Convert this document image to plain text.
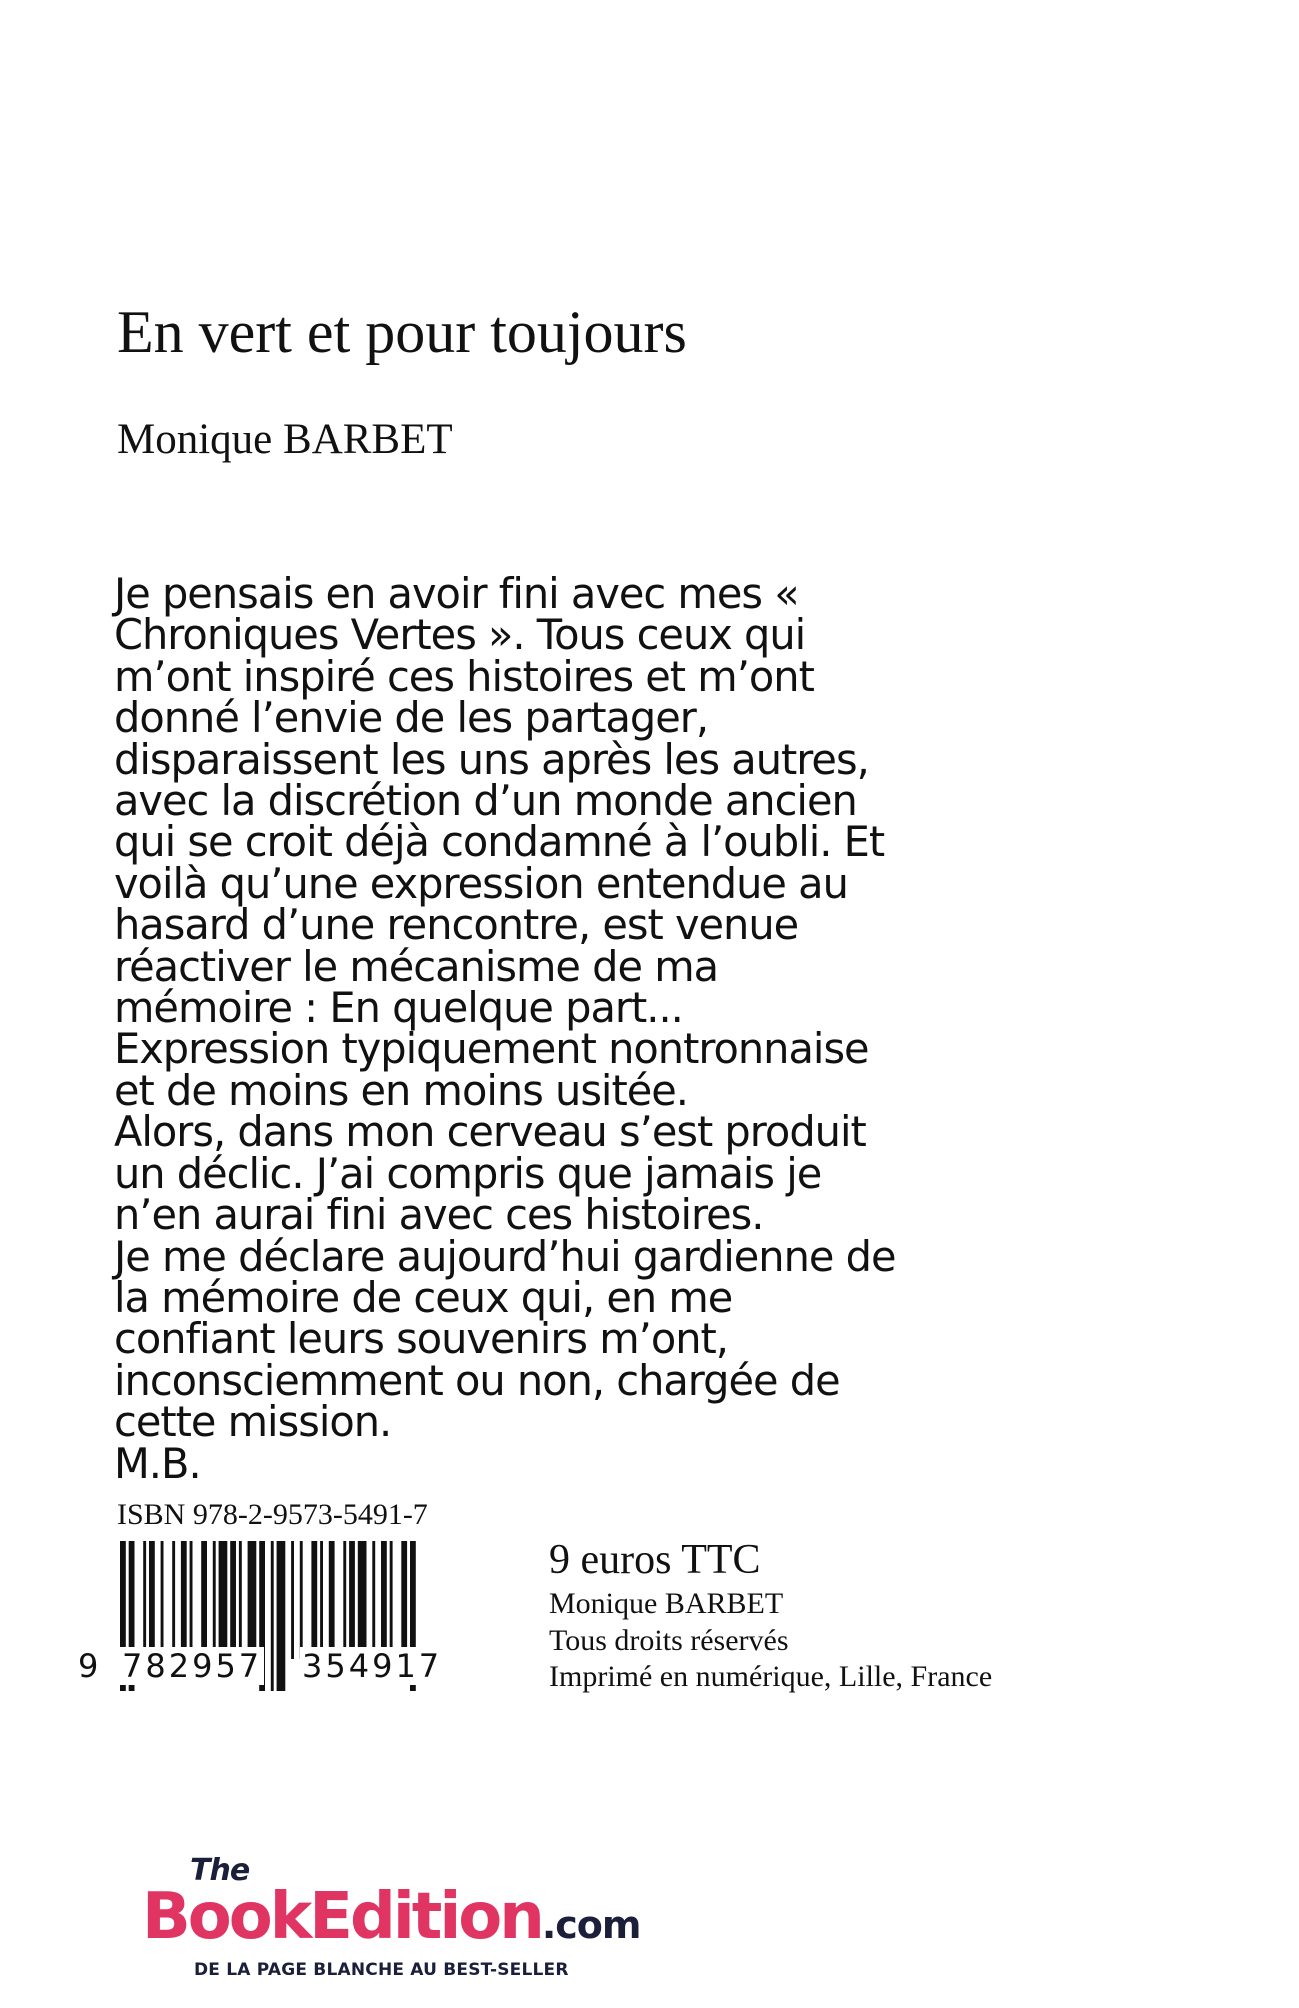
En vert et pour toujours
Monique BARBET
Je pensais en avoir fini avec mes «
Chroniques Vertes ». Tous ceux qui
m’ont inspiré ces histoires et m’ont
donné l’envie de les partager,
disparaissent les uns après les autres,
avec la discrétion d’un monde ancien
qui se croit déjà condamné à l’oubli. Et
voilà qu’une expression entendue au
hasard d’une rencontre, est venue
réactiver le mécanisme de ma
mémoire : En quelque part...
Expression typiquement nontronnaise
et de moins en moins usitée.
Alors, dans mon cerveau s’est produit
un déclic. J’ai compris que jamais je
n’en aurai fini avec ces histoires.
Je me déclare aujourd’hui gardienne de
la mémoire de ceux qui, en me
confiant leurs souvenirs m’ont,
inconsciemment ou non, chargée de
cette mission.
M.B.
ISBN 978-2-9573-5491-7
9 782957 354917
9 euros TTC
Monique BARBET
Tous droits réservés
Imprimé en numérique, Lille, France
The
BookEdition.com
DE LA PAGE BLANCHE AU BEST-SELLER
